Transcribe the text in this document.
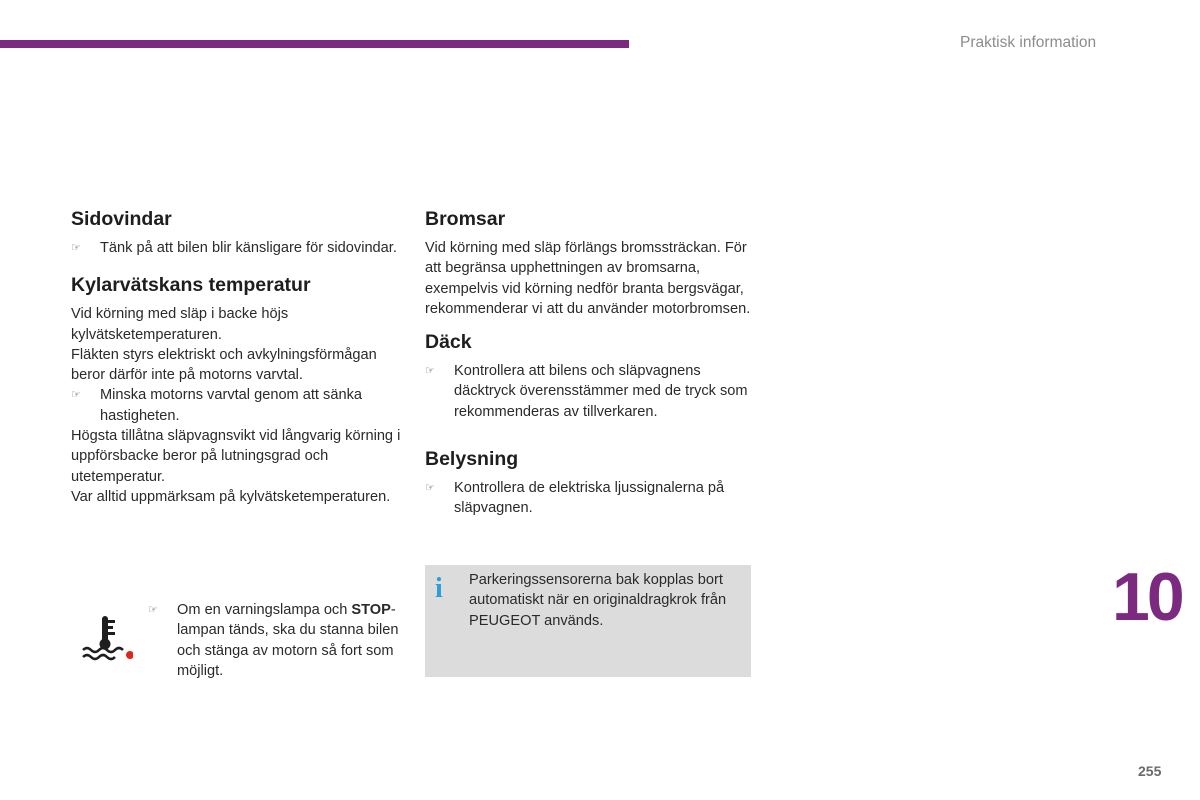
Praktisk information
Sidovindar
☞ Tänk på att bilen blir känsligare för sidovindar.
Kylarvätskans temperatur

Vid körning med släp i backe höjs kylvätsketemperaturen.

Fläkten styrs elektriskt och avkylningsförmågan beror därför inte på motorns varvtal.

☞ Minska motorns varvtal genom att sänka hastigheten.

Högsta tillåtna släpvagnsvikt vid långvarig körning i uppförsbacke beror på lutningsgrad och utetemperatur.

Var alltid uppmärksam på kylvätsketemperaturen.

☞ Om en varningslampa och STOP-lampan tänds, ska du stanna bilen och stänga av motorn så fort som möjligt.
Bromsar

Vid körning med släp förlängs bromssträckan. För att begränsa upphettningen av bromsarna, exempelvis vid körning nedför branta bergsvägar, rekommenderar vi att du använder motorbromsen.

Däck
☞ Kontrollera att bilens och släpvagnens däcktryck överensstämmer med de tryck som rekommenderas av tillverkaren.
Belysning
☞ Kontrollera de elektriska ljussignalerna på släpvagnen.
i Parkeringssensorerna bak kopplas bort automatiskt när en originaldragkrok från PEUGEOT används.	10
255
